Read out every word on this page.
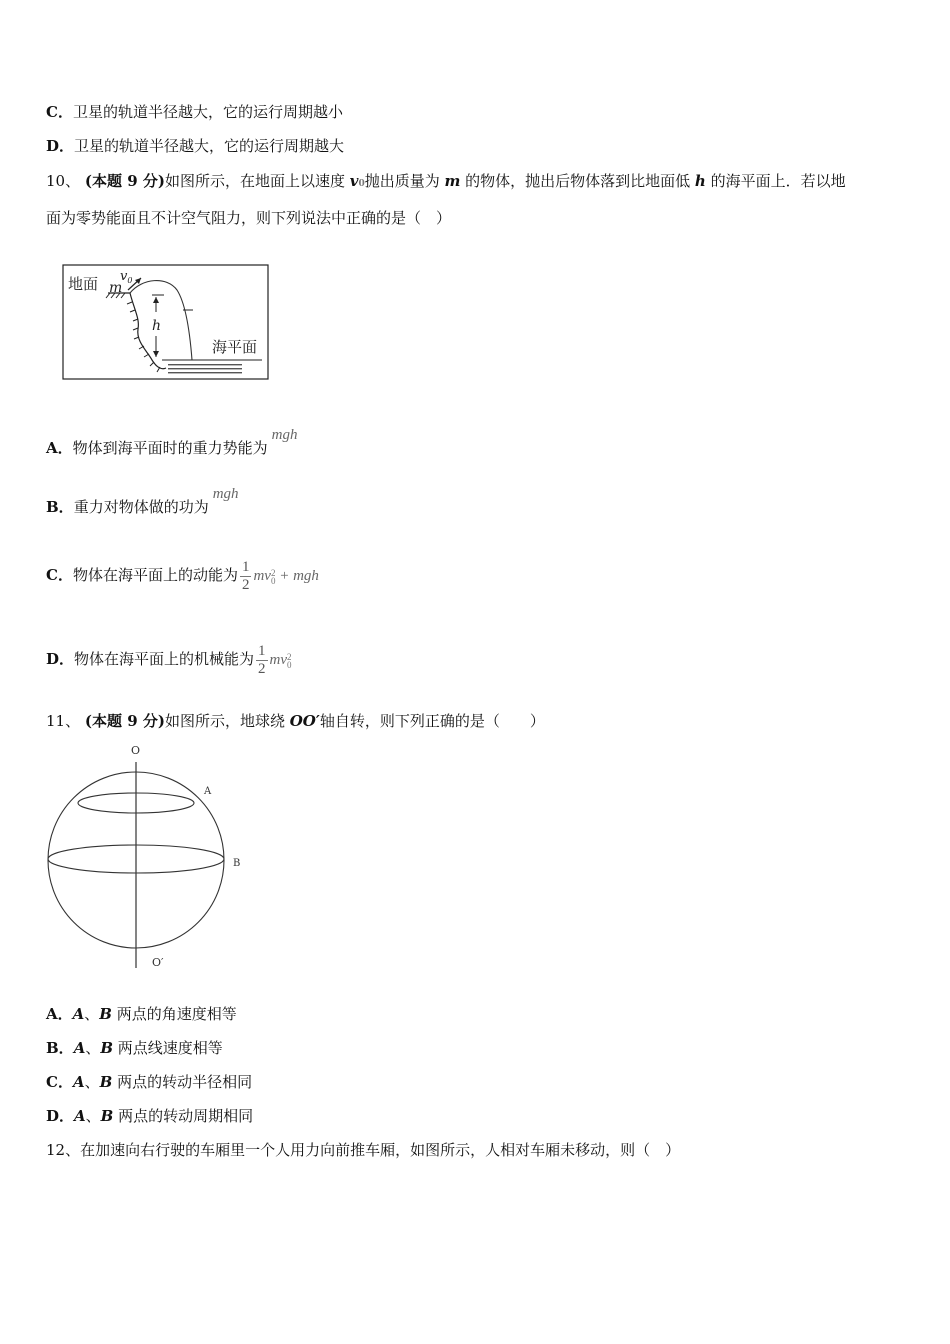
C．卫星的轨道半径越大，它的运行周期越小
D．卫星的轨道半径越大，它的运行周期越大
10、 (本题 9 分)如图所示，在地面上以速度 v0抛出质量为 m 的物体，抛出后物体落到比地面低 h 的海平面上．若以地
面为零势能面且不计空气阻力，则下列说法中正确的是（　）
地面 $v_0$
m
h
海平面
A．物体到海平面时的重力势能为mgh
B．重力对物体做的功为mgh
C．物体在海平面上的动能为 $\frac{1}{2}$ mv 2
0 + mgh
D．物体在海平面上的机械能为 $\frac{1}{2}$ mv 2
0
11、 (本题 9 分)如图所示，地球绕 OO′轴自转，则下列正确的是（　　）
O
A
B
O′
A．A、B 两点的角速度相等
B．A、B 两点线速度相等
C．A、B 两点的转动半径相同
D．A、B 两点的转动周期相同
12、在加速向右行驶的车厢里一个人用力向前推车厢，如图所示，人相对车厢未移动，则（　）
